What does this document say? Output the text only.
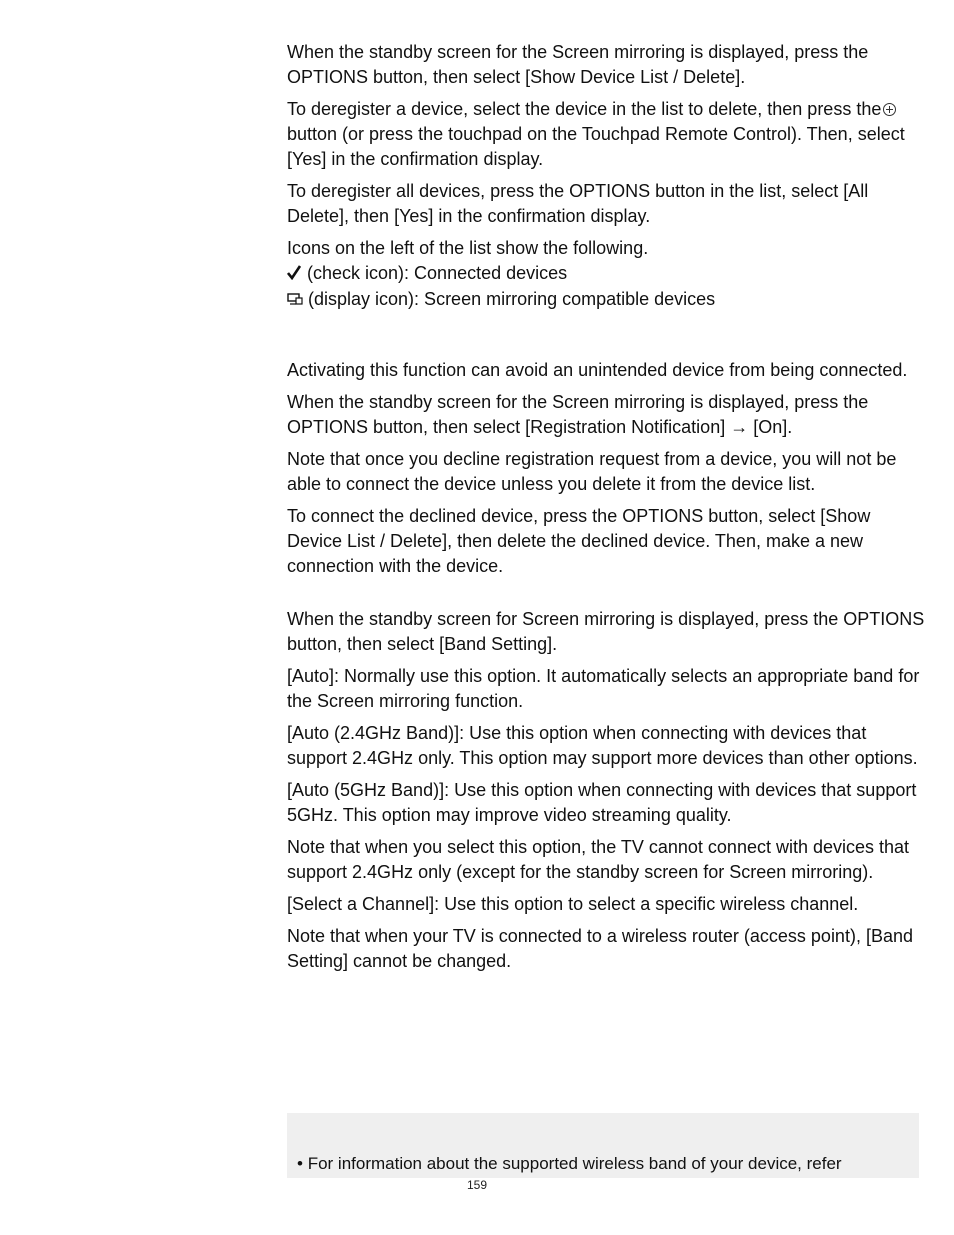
When the standby screen for the Screen mirroring is displayed, press the OPTIONS button, then select [Show Device List / Delete].

To deregister a device, select the device in the list to delete, then press thebutton (or press the touchpad on the Touchpad Remote Control). Then, select [Yes] in the confirmation display.

To deregister all devices, press the OPTIONS button in the list, select [All Delete], then [Yes] in the confirmation display.

Icons on the left of the list show the following.

(check icon): Connected devices
(display icon): Screen mirroring compatible devices

Activating this function can avoid an unintended device from being connected.

When the standby screen for the Screen mirroring is displayed, press the OPTIONS button, then select [Registration Notification] → [On].

Note that once you decline registration request from a device, you will not be able to connect the device unless you delete it from the device list.

To connect the declined device, press the OPTIONS button, select [Show Device List / Delete], then delete the declined device. Then, make a new connection with the device.

When the standby screen for Screen mirroring is displayed, press the OPTIONS button, then select [Band Setting].

[Auto]: Normally use this option. It automatically selects an appropriate band for the Screen mirroring function.

[Auto (2.4GHz Band)]: Use this option when connecting with devices that support 2.4GHz only. This option may support more devices than other options.

[Auto (5GHz Band)]: Use this option when connecting with devices that support 5GHz. This option may improve video streaming quality.

Note that when you select this option, the TV cannot connect with devices that support 2.4GHz only (except for the standby screen for Screen mirroring).

[Select a Channel]: Use this option to select a specific wireless channel.

Note that when your TV is connected to a wireless router (access point), [Band Setting] cannot be changed.

• For information about the supported wireless band of your device, refer
159
